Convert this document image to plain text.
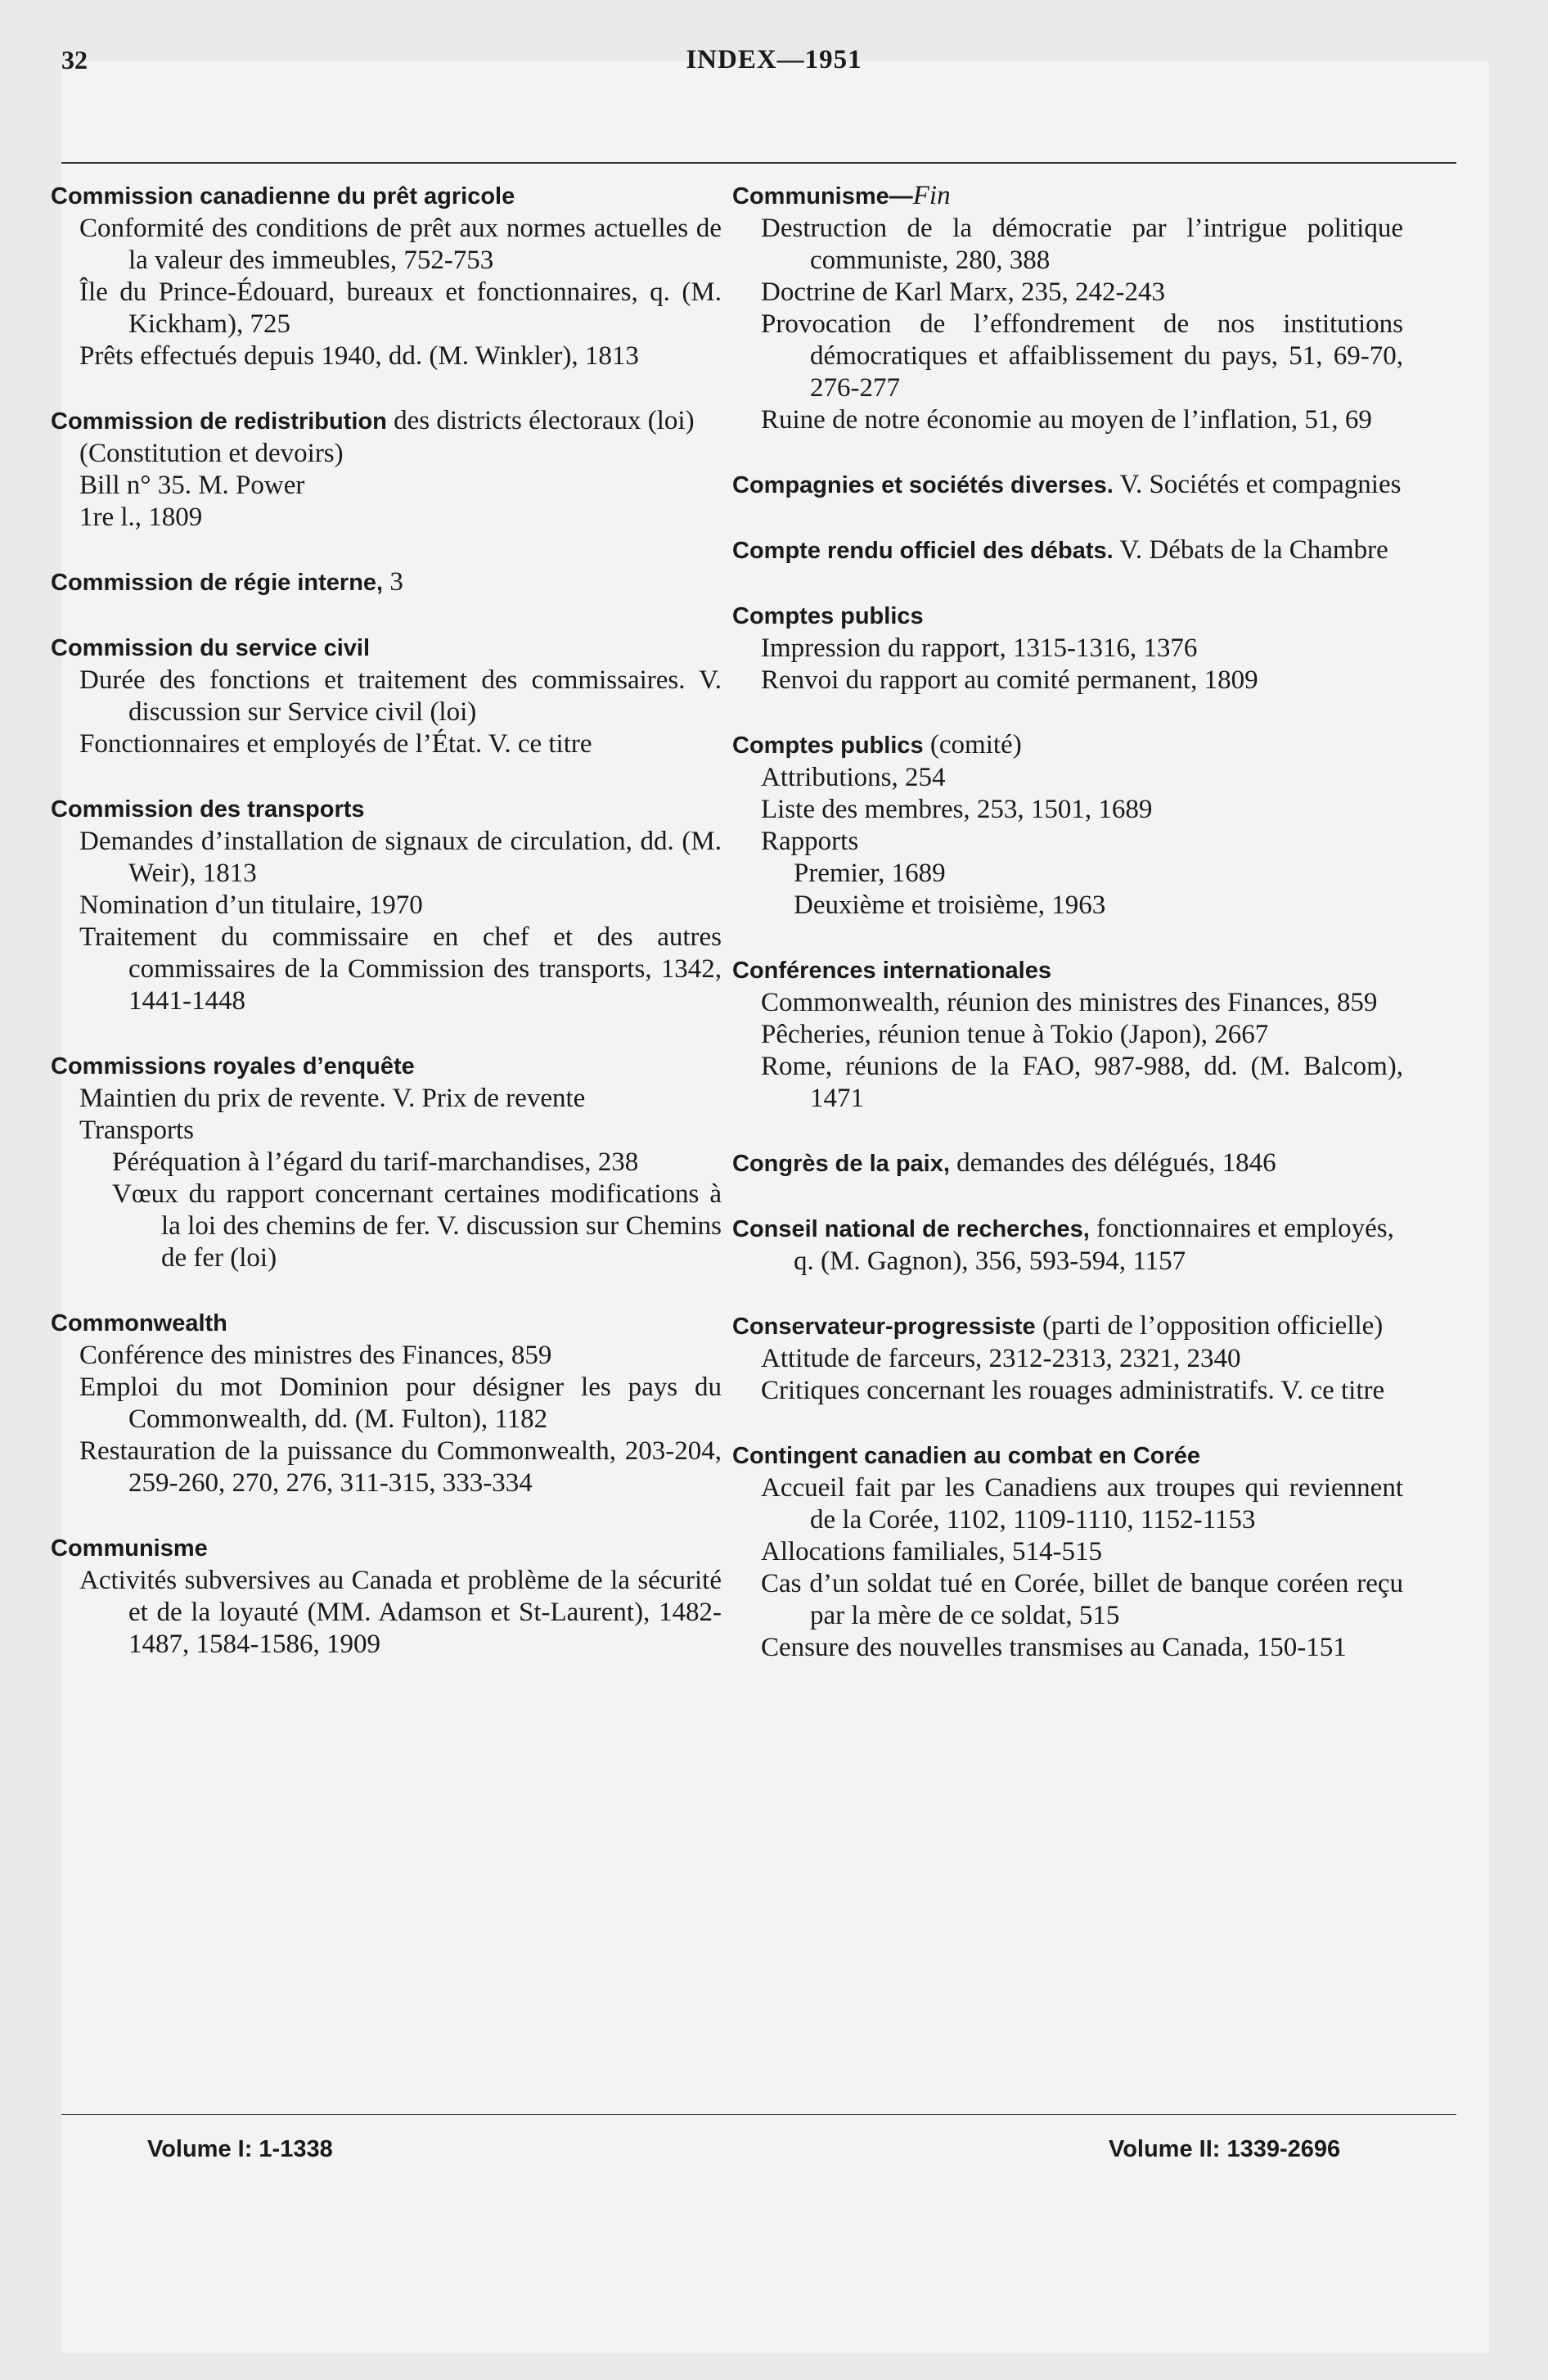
32	INDEX—1951
Commission canadienne du prêt agricole
Conformité des conditions de prêt aux normes actuelles de la valeur des immeubles, 752-753
Île du Prince-Édouard, bureaux et fonctionnaires, q. (M. Kickham), 725
Prêts effectués depuis 1940, dd. (M. Winkler), 1813
Commission de redistribution des districts électoraux (loi)
(Constitution et devoirs)
Bill n° 35. M. Power
1re l., 1809
Commission de régie interne, 3
Commission du service civil
Durée des fonctions et traitement des commissaires. V. discussion sur Service civil (loi)
Fonctionnaires et employés de l’État. V. ce titre
Commission des transports
Demandes d’installation de signaux de circulation, dd. (M. Weir), 1813
Nomination d’un titulaire, 1970
Traitement du commissaire en chef et des autres commissaires de la Commission des transports, 1342, 1441-1448
Commissions royales d’enquête
Maintien du prix de revente. V. Prix de revente
Transports
Péréquation à l’égard du tarif-marchandises, 238
Vœux du rapport concernant certaines modifications à la loi des chemins de fer. V. discussion sur Chemins de fer (loi)
Commonwealth
Conférence des ministres des Finances, 859
Emploi du mot Dominion pour désigner les pays du Commonwealth, dd. (M. Fulton), 1182
Restauration de la puissance du Commonwealth, 203-204, 259-260, 270, 276, 311-315, 333-334
Communisme
Activités subversives au Canada et problème de la sécurité et de la loyauté (MM. Adamson et St-Laurent), 1482-1487, 1584-1586, 1909
Communisme—Fin
Destruction de la démocratie par l’intrigue politique communiste, 280, 388
Doctrine de Karl Marx, 235, 242-243
Provocation de l’effondrement de nos institutions démocratiques et affaiblissement du pays, 51, 69-70, 276-277
Ruine de notre économie au moyen de l’inflation, 51, 69
Compagnies et sociétés diverses. V. Sociétés et compagnies
Compte rendu officiel des débats. V. Débats de la Chambre
Comptes publics
Impression du rapport, 1315-1316, 1376
Renvoi du rapport au comité permanent, 1809
Comptes publics (comité)
Attributions, 254
Liste des membres, 253, 1501, 1689
Rapports
Premier, 1689
Deuxième et troisième, 1963
Conférences internationales
Commonwealth, réunion des ministres des Finances, 859
Pêcheries, réunion tenue à Tokio (Japon), 2667
Rome, réunions de la FAO, 987-988, dd. (M. Balcom), 1471
Congrès de la paix, demandes des délégués, 1846
Conseil national de recherches, fonctionnaires et employés, q. (M. Gagnon), 356, 593-594, 1157
Conservateur-progressiste (parti de l’opposition officielle)
Attitude de farceurs, 2312-2313, 2321, 2340
Critiques concernant les rouages administratifs. V. ce titre
Contingent canadien au combat en Corée
Accueil fait par les Canadiens aux troupes qui reviennent de la Corée, 1102, 1109-1110, 1152-1153
Allocations familiales, 514-515
Cas d’un soldat tué en Corée, billet de banque coréen reçu par la mère de ce soldat, 515
Censure des nouvelles transmises au Canada, 150-151
Volume I: 1-1338	Volume II: 1339-2696
